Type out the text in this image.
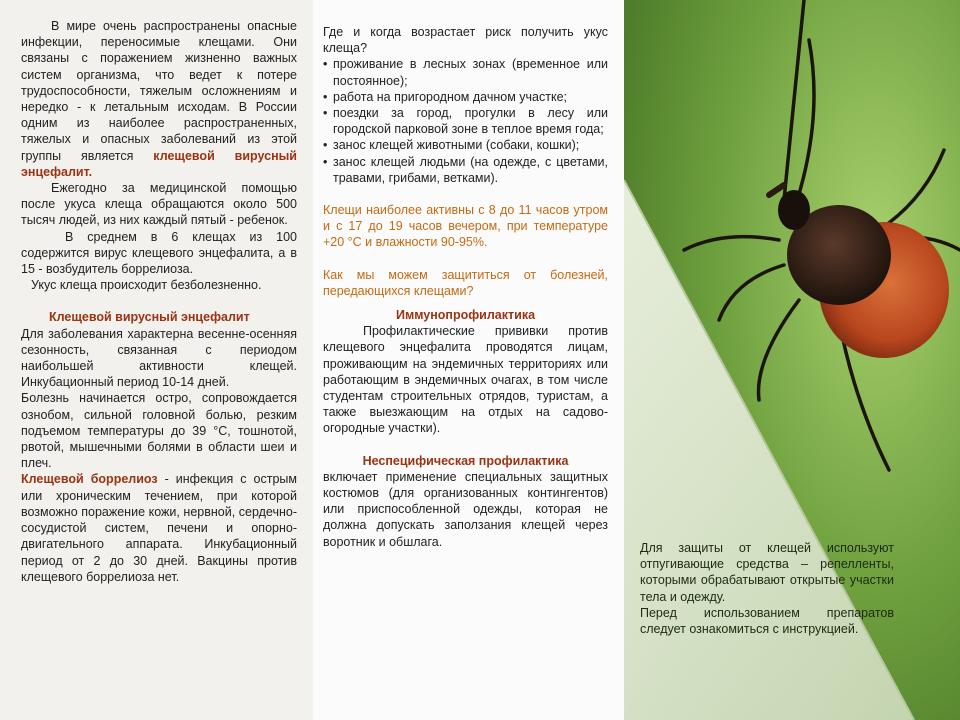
В мире очень распространены опасные инфекции, переносимые клещами. Они связаны с поражением жизненно важных систем организма, что ведет к потере трудоспособности, тяжелым осложнениям и нередко - к летальным исходам. В России одним из наиболее распространенных, тяжелых и опасных заболеваний из этой группы является клещевой вирусный энцефалит.

Ежегодно за медицинской помощью после укуса клеща обращаются около 500 тысяч людей, из них каждый пятый - ребенок.

В среднем в 6 клещах из 100 содержится вирус клещевого энцефалита, а в 15 - возбудитель боррелиоза.

Укус клеща происходит безболезненно.

Клещевой вирусный энцефалит

Для заболевания характерна весенне-осенняя сезонность, связанная с периодом наибольшей активности клещей. Инкубационный период 10-14 дней.

Болезнь начинается остро, сопровождается ознобом, сильной головной болью, резким подъемом температуры до 39 °С, тошнотой, рвотой, мышечными болями в области шеи и плеч.

Клещевой боррелиоз - инфекция с острым или хроническим течением, при которой возможно поражение кожи, нервной, сердечно-сосудистой систем, печени и опорно-двигательного аппарата. Инкубационный период от 2 до 30 дней. Вакцины против клещевого боррелиоза нет.

Где и когда возрастает риск получить укус клеща?

• проживание в лесных зонах (временное или постоянное);
• работа на пригородном дачном участке;
• поездки за город, прогулки в лесу или городской парковой зоне в теплое время года;
• занос клещей животными (собаки, кошки);
• занос клещей людьми (на одежде, с цветами, травами, грибами, ветками).

Клещи наиболее активны с 8 до 11 часов утром и с 17 до 19 часов вечером, при температуре +20 °С и влажности 90-95%.

Как мы можем защититься от болезней, передающихся клещами?

Иммунопрофилактика

Профилактические прививки против клещевого энцефалита проводятся лицам, проживающим на эндемичных территориях или работающим в эндемичных очагах, в том числе студентам строительных отрядов, туристам, а также выезжающим на отдых на садово-огородные участки).

Неспецифическая профилактика

включает применение специальных защитных костюмов (для организованных контингентов) или приспособленной одежды, которая не должна допускать заползания клещей через воротник и обшлага.	Для защиты от клещей используют отпугивающие средства – репелленты, которыми обрабатывают открытые участки тела и одежду.

Перед использованием препаратов следует ознакомиться с инструкцией.
